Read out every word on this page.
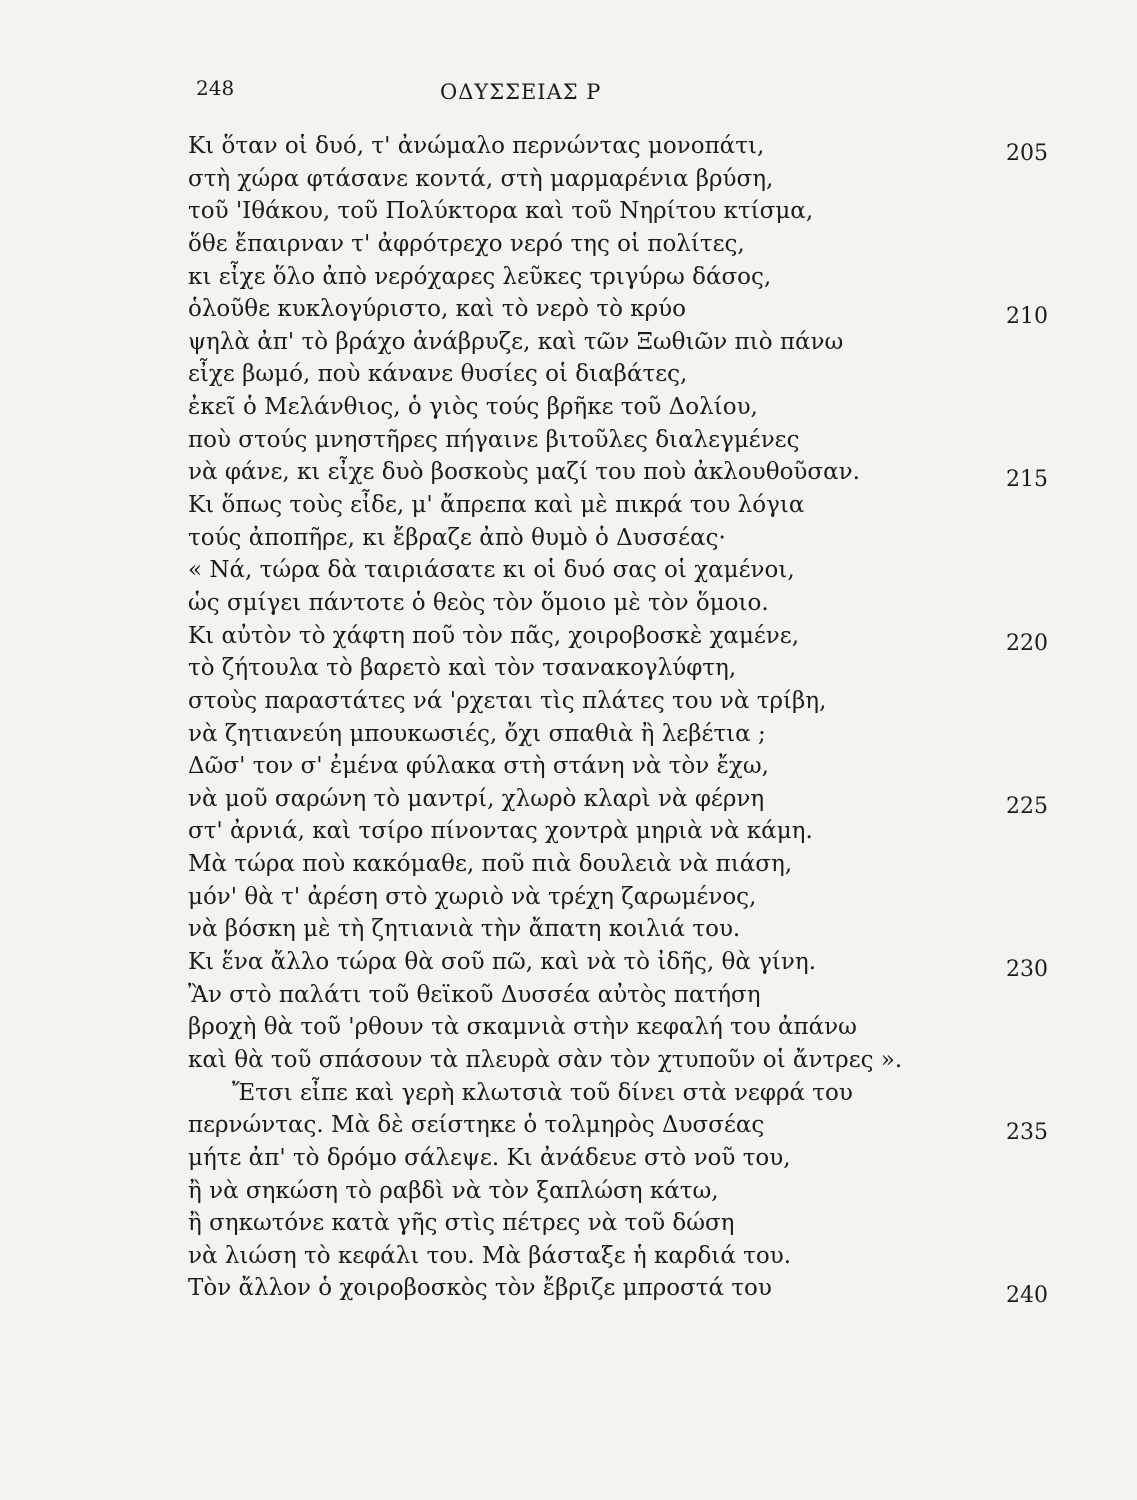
248	ΟΔΥΣΣΕΙΑΣ Ρ
Κι ὅταν οἱ δυό, τ' ἀνώμαλο περνώντας μονοπάτι,	205
στὴ χώρα φτάσανε κοντά, στὴ μαρμαρένια βρύση,
τοῦ 'Ιθάκου, τοῦ Πολύκτορα καὶ τοῦ Νηρίτου κτίσμα,
ὅθε ἔπαιρναν τ' ἀφρότρεχο νερό της οἱ πολίτες,
κι εἶχε ὅλο ἀπὸ νερόχαρες λεῦκες τριγύρω δάσος,
ὁλοῦθε κυκλογύριστο, καὶ τὸ νερὸ τὸ κρύο	210
ψηλὰ ἀπ' τὸ βράχο ἀνάβρυζε, καὶ τῶν Ξωθιῶν πιὸ πάνω
εἶχε βωμό, ποὺ κάνανε θυσίες οἱ διαβάτες,
ἐκεῖ ὁ Μελάνθιος, ὁ γιὸς τούς βρῆκε τοῦ Δολίου,
ποὺ στούς μνηστῆρες πήγαινε βιτοῦλες διαλεγμένες
νὰ φάνε, κι εἶχε δυὸ βοσκοὺς μαζί του ποὺ ἀκλουθοῦσαν.	215
Κι ὅπως τοὺς εἶδε, μ' ἄπρεπα καὶ μὲ πικρά του λόγια
τούς ἀποπῆρε, κι ἔβραζε ἀπὸ θυμὸ ὁ Δυσσέας·
« Νά, τώρα δὰ ταιριάσατε κι οἱ δυό σας οἱ χαμένοι,
ὡς σμίγει πάντοτε ὁ θεὸς τὸν ὅμοιο μὲ τὸν ὅμοιο.
Κι αὐτὸν τὸ χάφτη ποῦ τὸν πᾶς, χοιροβοσκὲ χαμένε,	220
τὸ ζήτουλα τὸ βαρετὸ καὶ τὸν τσανακογλύφτη,
στοὺς παραστάτες νά 'ρχεται τὶς πλάτες του νὰ τρίβη,
νὰ ζητιανεύη μπουκωσιές, ὄχι σπαθιὰ ἢ λεβέτια ;
Δῶσ' τον σ' ἐμένα φύλακα στὴ στάνη νὰ τὸν ἔχω,
νὰ μοῦ σαρώνη τὸ μαντρί, χλωρὸ κλαρὶ νὰ φέρνη	225
στ' ἀρνιά, καὶ τσίρο πίνοντας χοντρὰ μηριὰ νὰ κάμη.
Μὰ τώρα ποὺ κακόμαθε, ποῦ πιὰ δουλειὰ νὰ πιάση,
μόν' θὰ τ' ἀρέση στὸ χωριὸ νὰ τρέχη ζαρωμένος,
νὰ βόσκη μὲ τὴ ζητιανιὰ τὴν ἄπατη κοιλιά του.
Κι ἕνα ἄλλο τώρα θὰ σοῦ πῶ, καὶ νὰ τὸ ἰδῆς, θὰ γίνη.	230
Ἂν στὸ παλάτι τοῦ θεϊκοῦ Δυσσέα αὐτὸς πατήση
βροχὴ θὰ τοῦ 'ρθουν τὰ σκαμνιὰ στὴν κεφαλή του ἀπάνω
καὶ θὰ τοῦ σπάσουν τὰ πλευρὰ σὰν τὸν χτυποῦν οἱ ἄντρες ».
Ἔτσι εἶπε καὶ γερὴ κλωτσιὰ τοῦ δίνει στὰ νεφρά του
περνώντας. Μὰ δὲ σείστηκε ὁ τολμηρὸς Δυσσέας	235
μήτε ἀπ' τὸ δρόμο σάλεψε. Κι ἀνάδευε στὸ νοῦ του,
ἢ νὰ σηκώση τὸ ραβδὶ νὰ τὸν ξαπλώση κάτω,
ἢ σηκωτόνε κατὰ γῆς στὶς πέτρες νὰ τοῦ δώση
νὰ λιώση τὸ κεφάλι του. Μὰ βάσταξε ἡ καρδιά του.
Τὸν ἄλλον ὁ χοιροβοσκὸς τὸν ἔβριζε μπροστά του	240
